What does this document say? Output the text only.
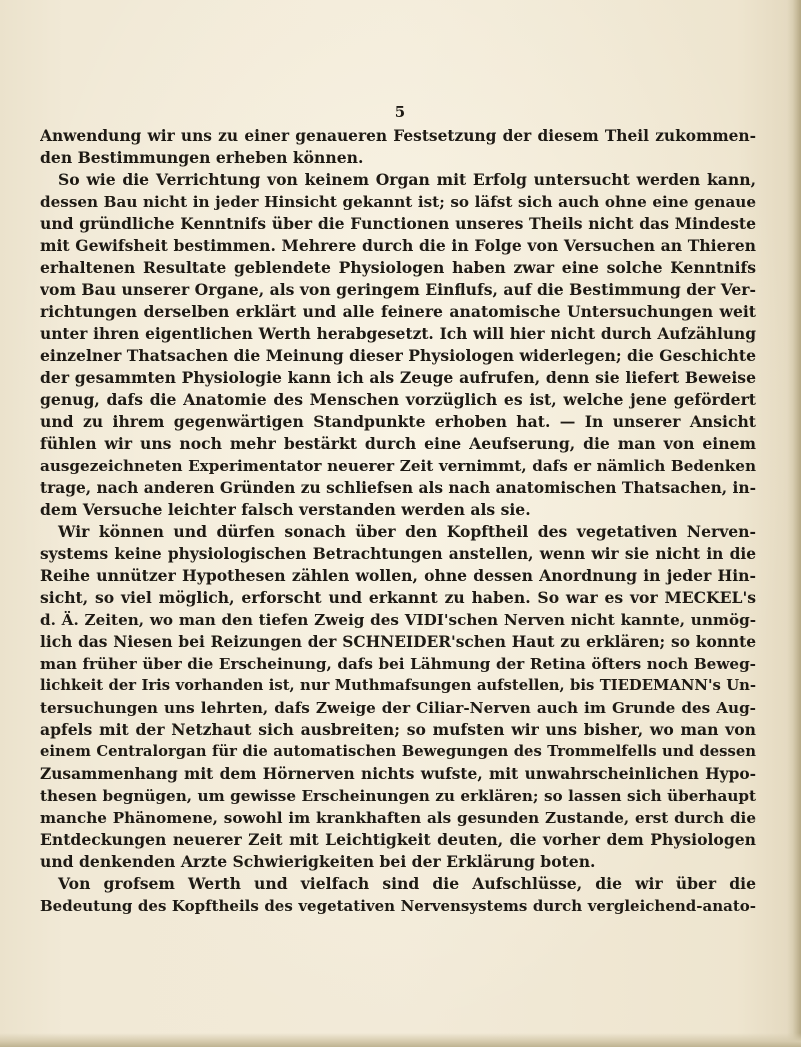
5
Anwendung wir uns zu einer genaueren Festsetzung der diesem Theil zukommen-
den Bestimmungen erheben können.
So wie die Verrichtung von keinem Organ mit Erfolg untersucht werden kann,
dessen Bau nicht in jeder Hinsicht gekannt ist; so läfst sich auch ohne eine genaue
und gründliche Kenntnifs über die Functionen unseres Theils nicht das Mindeste
mit Gewifsheit bestimmen. Mehrere durch die in Folge von Versuchen an Thieren
erhaltenen Resultate geblendete Physiologen haben zwar eine solche Kenntnifs
vom Bau unserer Organe, als von geringem Einflufs, auf die Bestimmung der Ver-
richtungen derselben erklärt und alle feinere anatomische Untersuchungen weit
unter ihren eigentlichen Werth herabgesetzt. Ich will hier nicht durch Aufzählung
einzelner Thatsachen die Meinung dieser Physiologen widerlegen; die Geschichte
der gesammten Physiologie kann ich als Zeuge aufrufen, denn sie liefert Beweise
genug, dafs die Anatomie des Menschen vorzüglich es ist, welche jene gefördert
und zu ihrem gegenwärtigen Standpunkte erhoben hat. — In unserer Ansicht
fühlen wir uns noch mehr bestärkt durch eine Aeufserung, die man von einem
ausgezeichneten Experimentator neuerer Zeit vernimmt, dafs er nämlich Bedenken
trage, nach anderen Gründen zu schliefsen als nach anatomischen Thatsachen, in-
dem Versuche leichter falsch verstanden werden als sie.
Wir können und dürfen sonach über den Kopftheil des vegetativen Nerven-
systems keine physiologischen Betrachtungen anstellen, wenn wir sie nicht in die
Reihe unnützer Hypothesen zählen wollen, ohne dessen Anordnung in jeder Hin-
sicht, so viel möglich, erforscht und erkannt zu haben. So war es vor MECKEL's
d. Ä. Zeiten, wo man den tiefen Zweig des VIDI'schen Nerven nicht kannte, unmög-
lich das Niesen bei Reizungen der SCHNEIDER'schen Haut zu erklären; so konnte
man früher über die Erscheinung, dafs bei Lähmung der Retina öfters noch Beweg-
lichkeit der Iris vorhanden ist, nur Muthmafsungen aufstellen, bis TIEDEMANN's Un-
tersuchungen uns lehrten, dafs Zweige der Ciliar-Nerven auch im Grunde des Aug-
apfels mit der Netzhaut sich ausbreiten; so mufsten wir uns bisher, wo man von
einem Centralorgan für die automatischen Bewegungen des Trommelfells und dessen
Zusammenhang mit dem Hörnerven nichts wufste, mit unwahrscheinlichen Hypo-
thesen begnügen, um gewisse Erscheinungen zu erklären; so lassen sich überhaupt
manche Phänomene, sowohl im krankhaften als gesunden Zustande, erst durch die
Entdeckungen neuerer Zeit mit Leichtigkeit deuten, die vorher dem Physiologen
und denkenden Arzte Schwierigkeiten bei der Erklärung boten.
Von grofsem Werth und vielfach sind die Aufschlüsse, die wir über die
Bedeutung des Kopftheils des vegetativen Nervensystems durch vergleichend-anato-
